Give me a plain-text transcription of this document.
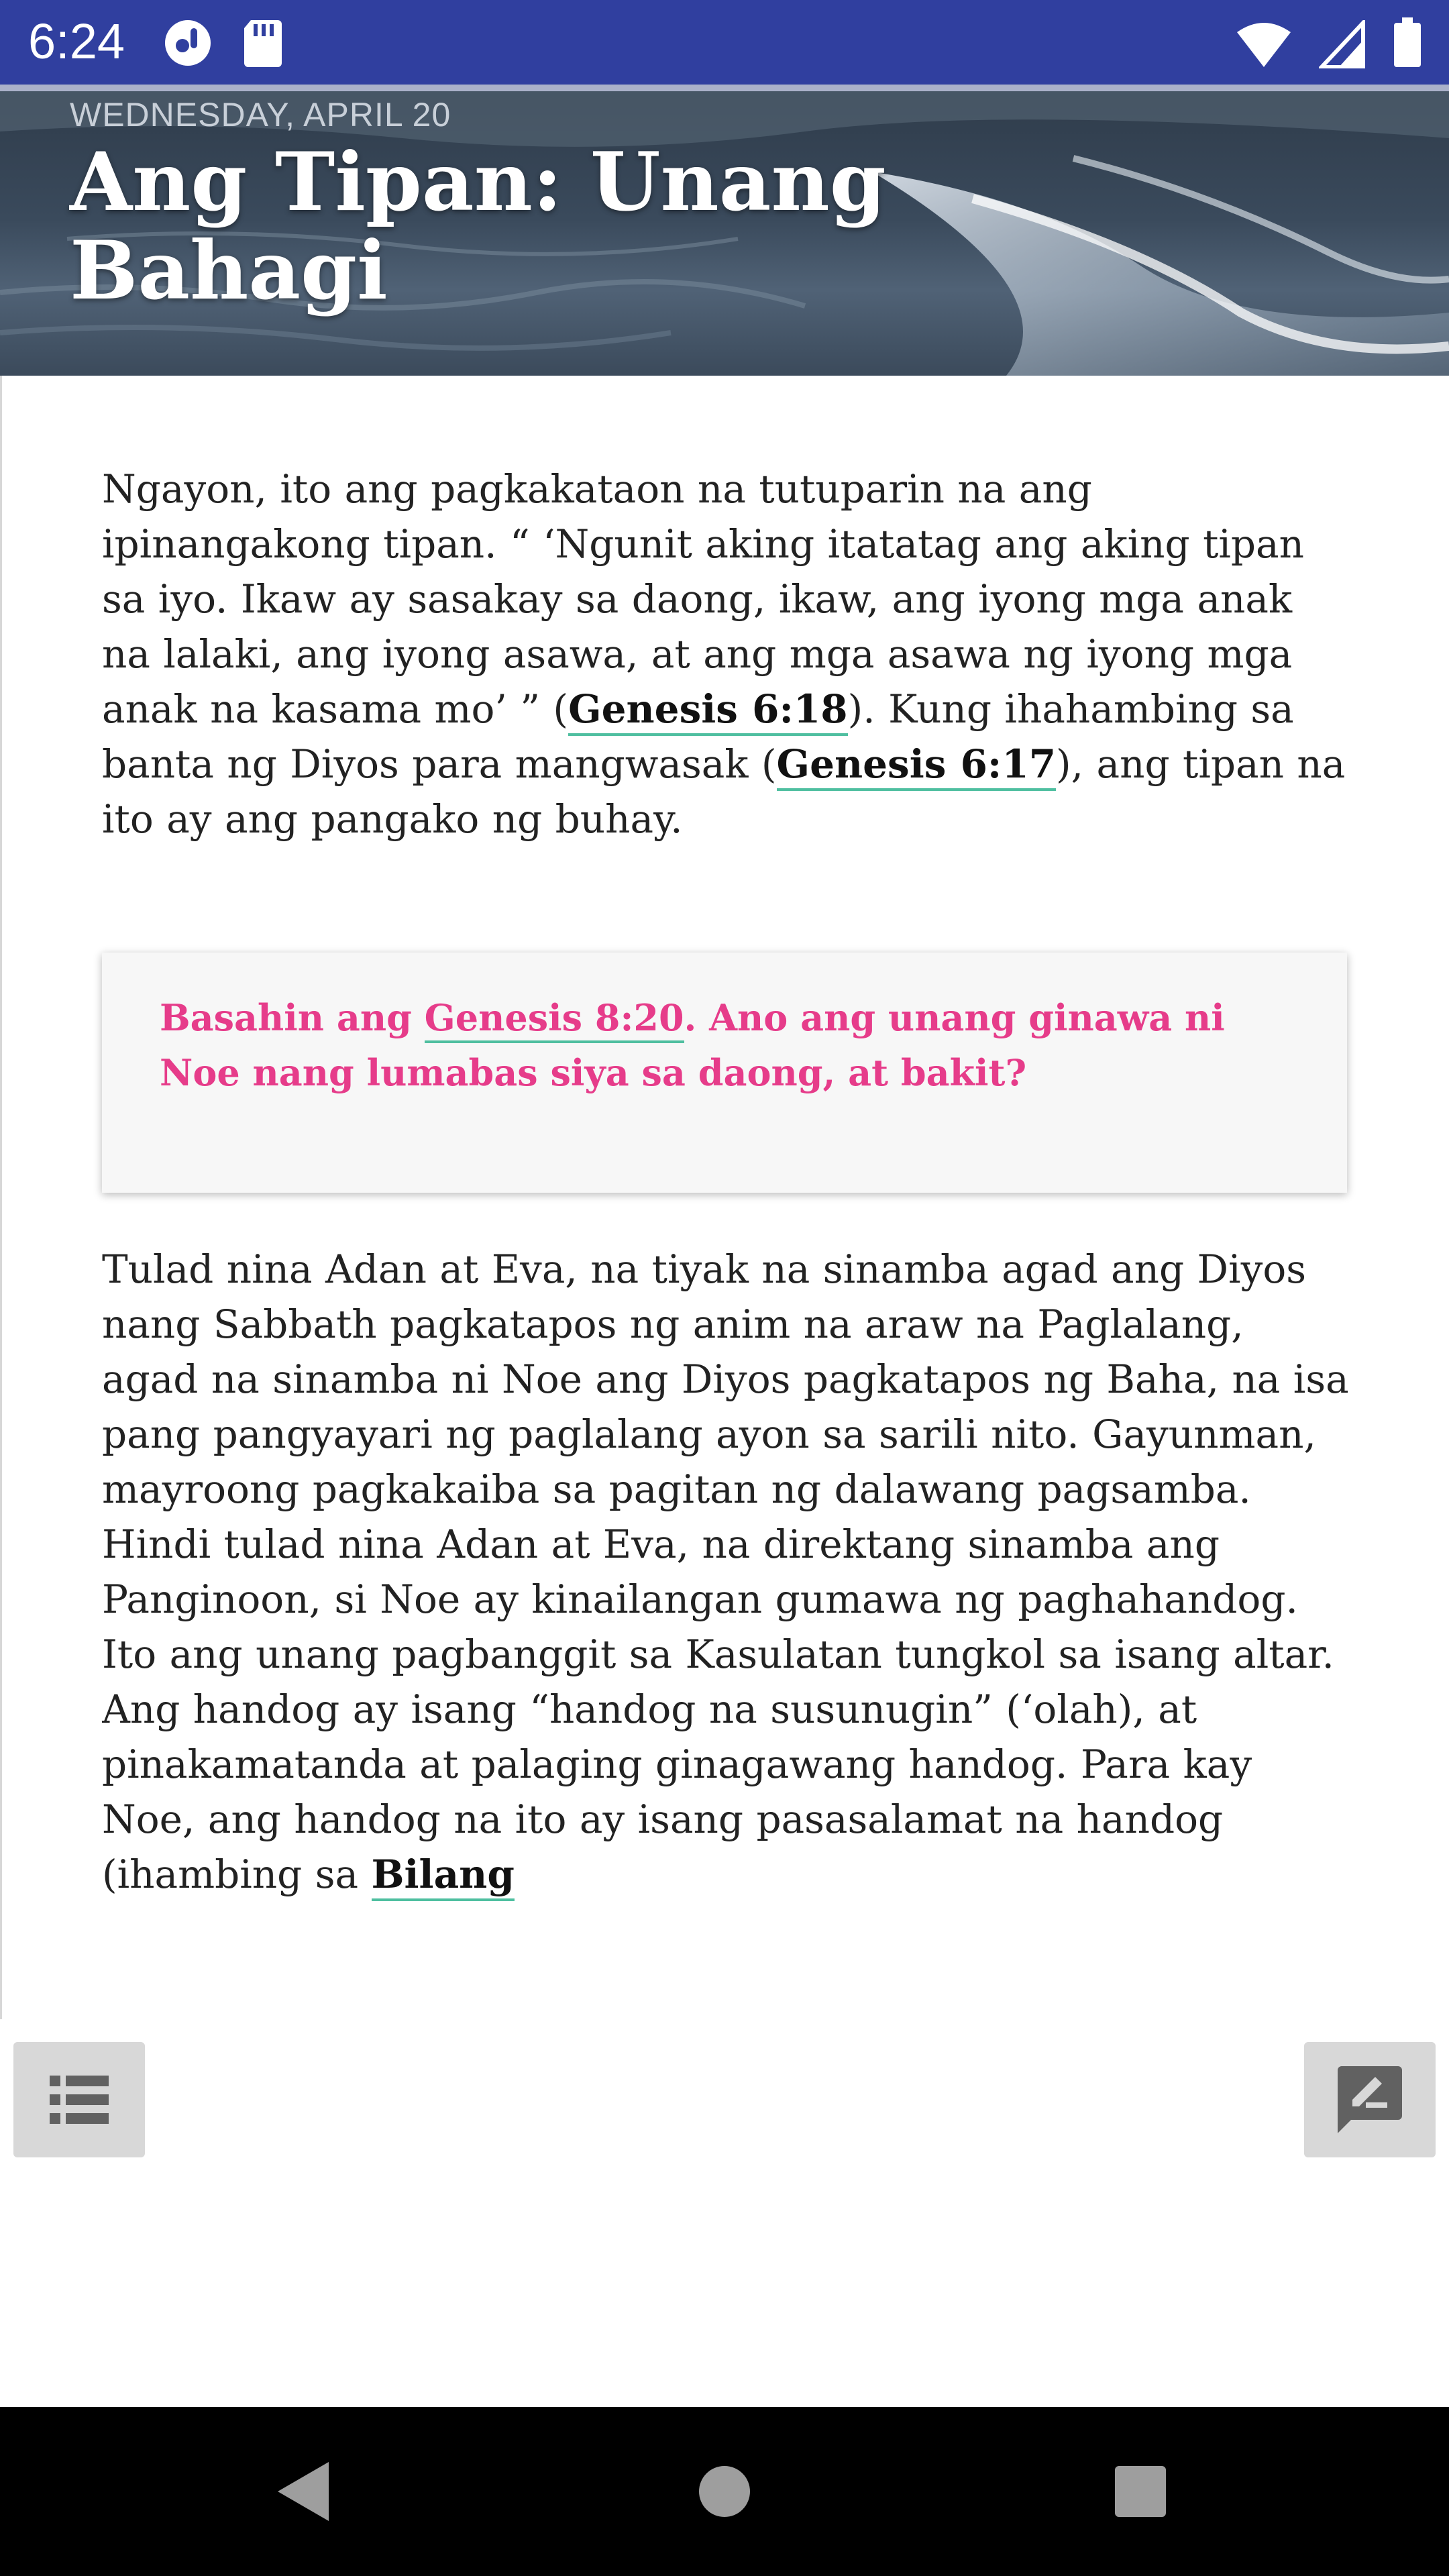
6:24
WEDNESDAY, APRIL 20
Ang Tipan: Unang Bahagi
Ngayon, ito ang pagkakataon na tutuparin na ang ipinangakong tipan. “ ‘Ngunit aking itatatag ang aking tipan sa iyo. Ikaw ay sasakay sa daong, ikaw, ang iyong mga anak na lalaki, ang iyong asawa, at ang mga asawa ng iyong mga anak na kasama mo’ ” (Genesis 6:18). Kung ihahambing sa banta ng Diyos para mangwasak (Genesis 6:17), ang tipan na ito ay ang pangako ng buhay.
Basahin ang Genesis 8:20. Ano ang unang ginawa ni Noe nang lumabas siya sa daong, at bakit?
Tulad nina Adan at Eva, na tiyak na sinamba agad ang Diyos nang Sabbath pagkatapos ng anim na araw na Paglalang, agad na sinamba ni Noe ang Diyos pagkatapos ng Baha, na isa pang pangyayari ng paglalang ayon sa sarili nito. Gayunman, mayroong pagkakaiba sa pagitan ng dalawang pagsamba. Hindi tulad nina Adan at Eva, na direktang sinamba ang Panginoon, si Noe ay kinailangan gumawa ng paghahandog. Ito ang unang pagbanggit sa Kasulatan tungkol sa isang altar. Ang handog ay isang “handog na susunugin” (‘olah), at pinakamatanda at palaging ginagawang handog. Para kay Noe, ang handog na ito ay isang pasasalamat na handog (ihambing sa Bilang
